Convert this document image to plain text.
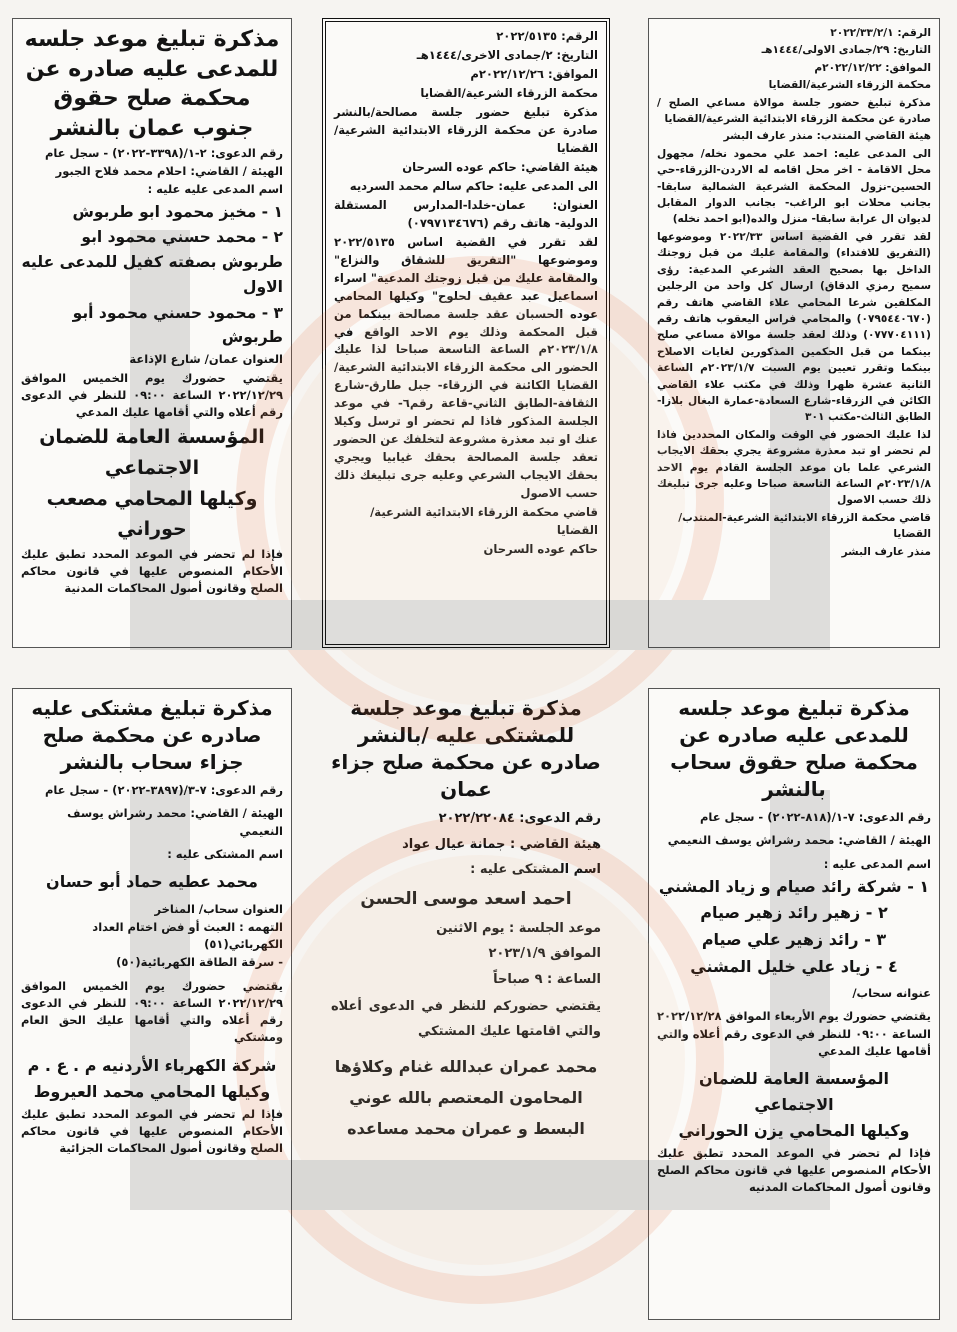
الرقم: ٢٠٢٢/٣٣/٢/١

التاريخ: ٢٩/جمادى الاولى/١٤٤٤هـ

الموافق: ٢٠٢٢/١٢/٢٢م

محكمة الزرقاء الشرعية/القضايا

مذكرة تبليغ حضور جلسة موالاة مساعي الصلح / صادرة عن محكمة الزرقاء الابتدائية الشرعية/القضايا

هيئة القاضي المنتدب: منذر عارف البشر

الى المدعى عليه: احمد علي محمود نخله/ مجهول محل الاقامة - اخر محل اقامه له الاردن-الزرقاء-حي الحسين-نزول المحكمة الشرعية الشمالية سابقا- بجانب محلات ابو الراغب- بجانب الدوار المقابل لديوان ال عرابة سابقا- منزل والده(ابو احمد نخله)

لقد تقرر في القضية اساس ٢٠٢٢/٣٣ وموضوعها (التفريق للافتداء) والمقامة عليك من قبل زوجتك الداخل بها بصحيح العقد الشرعي المدعية: رؤى سميح رمزي الدقاق) ارسال كل واحد من الرجلين المكلفين شرعا المحامي علاء القاضي هاتف رقم (٠٧٩٥٤٤٠٦٧٠) والمحامي فراس اليعقوب هاتف رقم (٠٧٧٧٠٤١١١) وذلك لعقد جلسة موالاة مساعي صلح بينكما من قبل الحكمين المذكورين لغايات الاصلاح بينكما وتقرر تعيين يوم السبت ٢٠٢٣/١/٧م الساعة الثانية عشرة ظهرا وذلك في مكتب علاء القاضي الكائن في الزرقاء-شارع السعادة-عمارة البغال بلازا-الطابق الثالث-مكتب ٣٠١

لذا عليك الحضور في الوقت والمكان المحددين فاذا لم تحضر او تبد معذرة مشروعة يجري بحقك الايجاب الشرعي علما بان موعد الجلسة القادم يوم الاحد ٢٠٢٣/١/٨م الساعة التاسعة صباحا وعليه جرى تبليغك ذلك حسب الاصول

قاضي محكمة الزرقاء الابتدائية الشرعية-المنتدب/ القضايا

منذر عارف البشر

الرقم: ٢٠٢٢/٥١٣٥

التاريخ: ٢/جمادى الاخرى/١٤٤٤هـ

الموافق: ٢٠٢٢/١٢/٢٦م

محكمة الزرقاء الشرعية/القضايا

مذكرة تبليغ حضور جلسة مصالحة/بالنشر صادرة عن محكمة الزرقاء الابتدائية الشرعية/ القضايا

هيئة القاضي: حاكم عوده السرحان

الى المدعى عليه: حاكم سالم محمد السرديه

العنوان: عمان-خلدا-المدارس المستقلة الدولية- هاتف رقم (٠٧٩٧١٣٤٦٧٦)

لقد تقرر في القضية اساس ٢٠٢٢/٥١٣٥ وموضوعها "التفريق للشقاق والنزاع" والمقامة عليك من قبل زوجتك المدعية" اسراء اسماعيل عبد عقيف لحلوح" وكيلها المحامي عوده الحسبان عقد جلسة مصالحة بينكما من قبل المحكمة وذلك يوم الاحد الواقع في ٢٠٢٣/١/٨م الساعة التاسعة صباحا لذا عليك الحضور الى محكمة الزرقاء الابتدائية الشرعية/القضايا الكائنة في الزرقاء- جبل طارق-شارع الثقافة-الطابق الثاني-قاعة رقم٦- في موعد الجلسة المذكور فاذا لم تحضر او ترسل وكيلا عنك او تبد معذرة مشروعة لتخلفك عن الحضور تعقد جلسة المصالحة بحقك غيابيا ويجري بحقك الايجاب الشرعي وعليه جرى تبليغك ذلك حسب الاصول

قاضي محكمة الزرقاء الابتدائية الشرعية/القضايا

حاكم عوده السرحان

مذكرة تبليغ موعد جلسه للمدعى عليه صادره عن محكمة صلح حقوق جنوب عمان بالنشر

رقم الدعوى: ٢-١/(٣٣٩٨-٢٠٢٢) - سجل عام

الهيئة / القاضي: احلام محمد فلاح الجبور

اسم المدعى عليه عليه :

١ - مخيز محمود ابو طربوش

٢ - محمد حسني محمود ابو طربوش بصفته كفيل للمدعى عليه الاول

٣ - محمود حسني محمود أبو طربوش

العنوان عمان/ شارع الإذاعة

يقتضي حضورك يوم الخميس الموافق ٢٠٢٢/١٢/٢٩ الساعة ٠٩:٠٠ للنظر في الدعوى رقم أعلاه والتي أقامها عليك المدعي

المؤسسة العامة للضمان الاجتماعي

وكيلها المحامي مصعب حوراني

فإذا لم تحضر في الموعد المحدد تطبق عليك الأحكام المنصوص عليها في قانون محاكم الصلح وقانون أصول المحاكمات المدنية

مذكرة تبليغ موعد جلسه للمدعى عليه صادره عن محكمة صلح حقوق سحاب بالنشر

رقم الدعوى: ٧-١/(٨١٨-٢٠٢٢) - سجل عام

الهيئة / القاضي: محمد رشراش يوسف النعيمي

اسم المدعى عليه :

١ - شركة رائد صيام و زياد المشني

٢ - زهير رائد زهير صيام

٣ - رائد زهير علي صيام

٤ - زياد علي خليل المشني

عنوانه سحاب/

يقتضي حضورك يوم الأربعاء الموافق ٢٠٢٢/١٢/٢٨ الساعة ٠٩:٠٠ للنظر في الدعوى رقم أعلاه والتي أقامها عليك المدعي

المؤسسة العامة للضمان الاجتماعي

وكيلها المحامي يزن الحوراني

فإذا لم تحضر في الموعد المحدد تطبق عليك الأحكام المنصوص عليها في قانون محاكم الصلح وقانون أصول المحاكمات المدنيه

مذكرة تبليغ موعد جلسة للمشتكى عليه /بالنشر صادره عن محكمة صلح جزاء عمان

رقم الدعوى: ٢٠٢٢/٢٢٠٨٤

هيئة القاضي : جمانة عيال عواد

اسم المشتكى عليه :

احمد اسعد موسى الحسن

موعد الجلسة : يوم الاثنين

الموافق ٢٠٢٣/١/٩

الساعة : ٩ صباحاً

يقتضي حضوركم للنظر في الدعوى أعلاه والتي اقامتها عليك المشتكي

محمد عمران عبدالله غنام وكلاؤها المحامون المعتصم بالله عوني البسط و عمران محمد مساعده

مذكرة تبليغ مشتكى عليه صادره عن محكمة صلح جزاء سحاب بالنشر

رقم الدعوى: ٧-٣/(٣٨٩٧-٢٠٢٢) - سجل عام

الهيئة / القاضي: محمد رشراش يوسف النعيمي

اسم المشتكى عليه :

محمد عطيه حماد أبو حسان

العنوان سحاب/ المناخر

التهمه : العبث أو فض اختام العداد الكهربائي(٥١)

- سرقة الطاقة الكهربائية(٥٠)

يقتضي حضورك يوم الخميس الموافق ٢٠٢٢/١٢/٢٩ الساعة ٠٩:٠٠ للنظر في الدعوى رقم أعلاه والتي أقامها عليك الحق العام ومشتكي

شركة الكهرباء الأردنيه م . ع . م

وكيلها المحامي محمد العيروط

فإذا لم تحضر في الموعد المحدد تطبق عليك الأحكام المنصوص عليها في قانون محاكم الصلح وقانون أصول المحاكمات الجزائية
